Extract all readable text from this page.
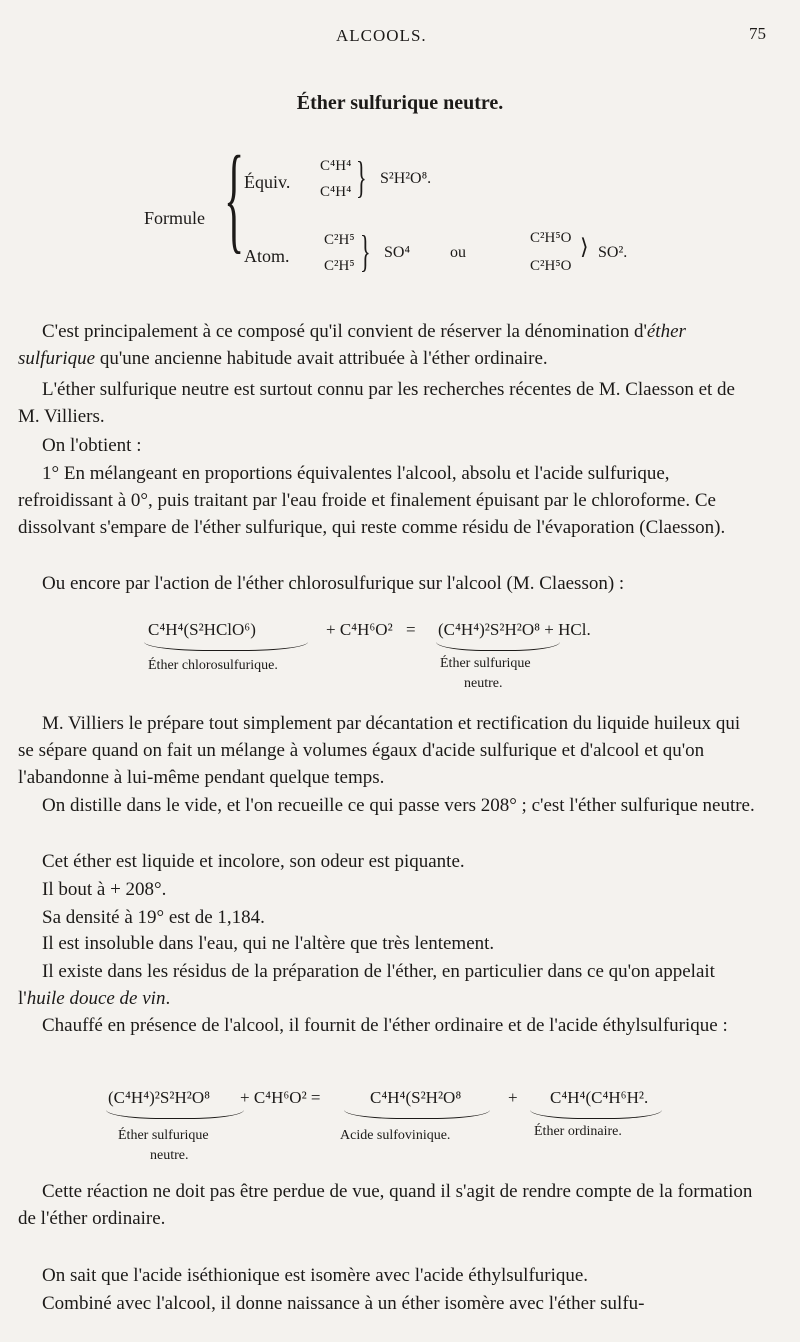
ALCOOLS.	75
Éther sulfurique neutre.
Formule { Équiv.
C⁴H⁴
C⁴H⁴ } S²H²O⁸.
Atom.
C²H⁵
C²H⁵ } SO⁴ ou
C²H⁵O
C²H⁵O
⟩ SO².

C'est principalement à ce composé qu'il convient de réserver la dénomination d'éther sulfurique qu'une ancienne habitude avait attribuée à l'éther ordinaire.

L'éther sulfurique neutre est surtout connu par les recherches récentes de M. Claesson et de M. Villiers.

On l'obtient :

1° En mélangeant en proportions équivalentes l'alcool, absolu et l'acide sulfurique, refroidissant à 0°, puis traitant par l'eau froide et finalement épuisant par le chloroforme. Ce dissolvant s'empare de l'éther sulfurique, qui reste comme résidu de l'évaporation (Claesson).

Ou encore par l'action de l'éther chlorosulfurique sur l'alcool (M. Claesson) :

C⁴H⁴(S²HClO⁶)	+ C⁴H⁶O² = (C⁴H⁴)²S²H²O⁸ + HCl.
Éther chlorosulfurique.	Éther sulfurique
neutre.

M. Villiers le prépare tout simplement par décantation et rectification du liquide huileux qui se sépare quand on fait un mélange à volumes égaux d'acide sulfurique et d'alcool et qu'on l'abandonne à lui-même pendant quelque temps.

On distille dans le vide, et l'on recueille ce qui passe vers 208° ; c'est l'éther sulfurique neutre.

Cet éther est liquide et incolore, son odeur est piquante.

Il bout à + 208°.

Sa densité à 19° est de 1,184.

Il est insoluble dans l'eau, qui ne l'altère que très lentement.

Il existe dans les résidus de la préparation de l'éther, en particulier dans ce qu'on appelait l'huile douce de vin.

Chauffé en présence de l'alcool, il fournit de l'éther ordinaire et de l'acide éthylsulfurique :

(C⁴H⁴)²S²H²O⁸ + C⁴H⁶O² =	C⁴H⁴(S²H²O⁸	+ C⁴H⁴(C⁴H⁶H².
Éther sulfurique
neutre.
Acide sulfovinique.	Éther ordinaire.

Cette réaction ne doit pas être perdue de vue, quand il s'agit de rendre compte de la formation de l'éther ordinaire.

On sait que l'acide iséthionique est isomère avec l'acide éthylsulfurique.

Combiné avec l'alcool, il donne naissance à un éther isomère avec l'éther sulfu-
